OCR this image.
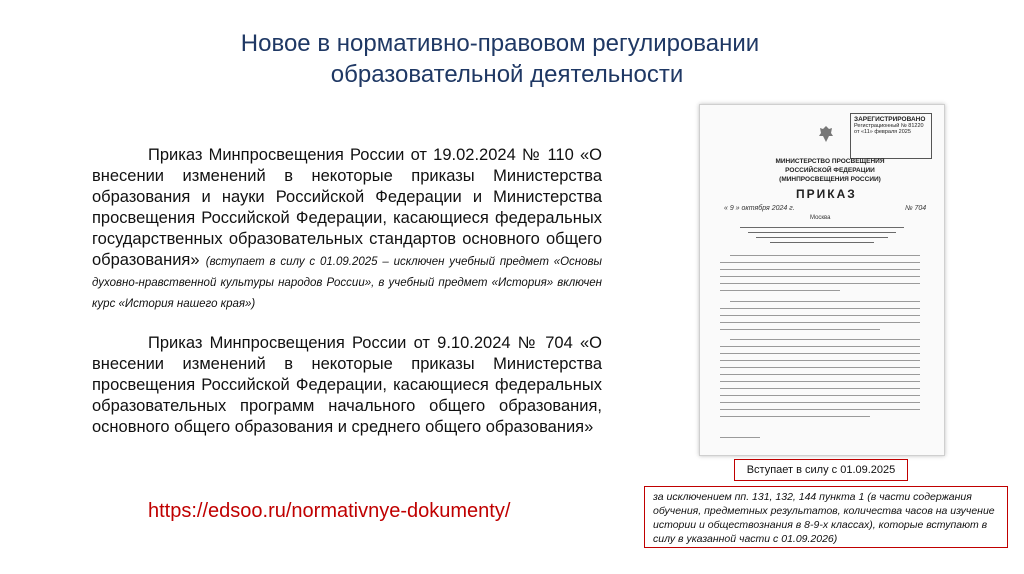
Новое в нормативно-правовом регулировании

образовательной деятельности
Приказ Минпросвещения России от 19.02.2024 № 110 «О внесении изменений в некоторые приказы Министерства образования и науки Российской Федерации и Министерства просвещения Российской Федерации, касающиеся федеральных государственных образовательных стандартов основного общего образования» (вступает в силу с 01.09.2025 – исключен учебный предмет «Основы духовно-нравственной культуры народов России», в учебный предмет «История» включен курс «История нашего края»)
Приказ Минпросвещения России от 9.10.2024 № 704 «О внесении изменений в некоторые приказы Министерства просвещения Российской Федерации, касающиеся федеральных образовательных программ начального общего образования, основного общего образования и среднего общего образования»
https://edsoo.ru/normativnye-dokumenty/
ЗАРЕГИСТРИРОВАНО
Регистрационный № 81220
от «11» февраля 2025
МИНИСТЕРСТВО ПРОСВЕЩЕНИЯ РОССИЙСКОЙ ФЕДЕРАЦИИ (МИНПРОСВЕЩЕНИЯ РОССИИ)
ПРИКАЗ
« 9 » октября 2024 г.	№ 704
Москва
Вступает в силу с 01.09.2025
за исключением пп. 131, 132, 144 пункта 1 (в части содержания обучения, предметных результатов, количества часов на изучение истории и обществознания в 8-9-х классах), которые вступают в силу в указанной части с 01.09.2026)
